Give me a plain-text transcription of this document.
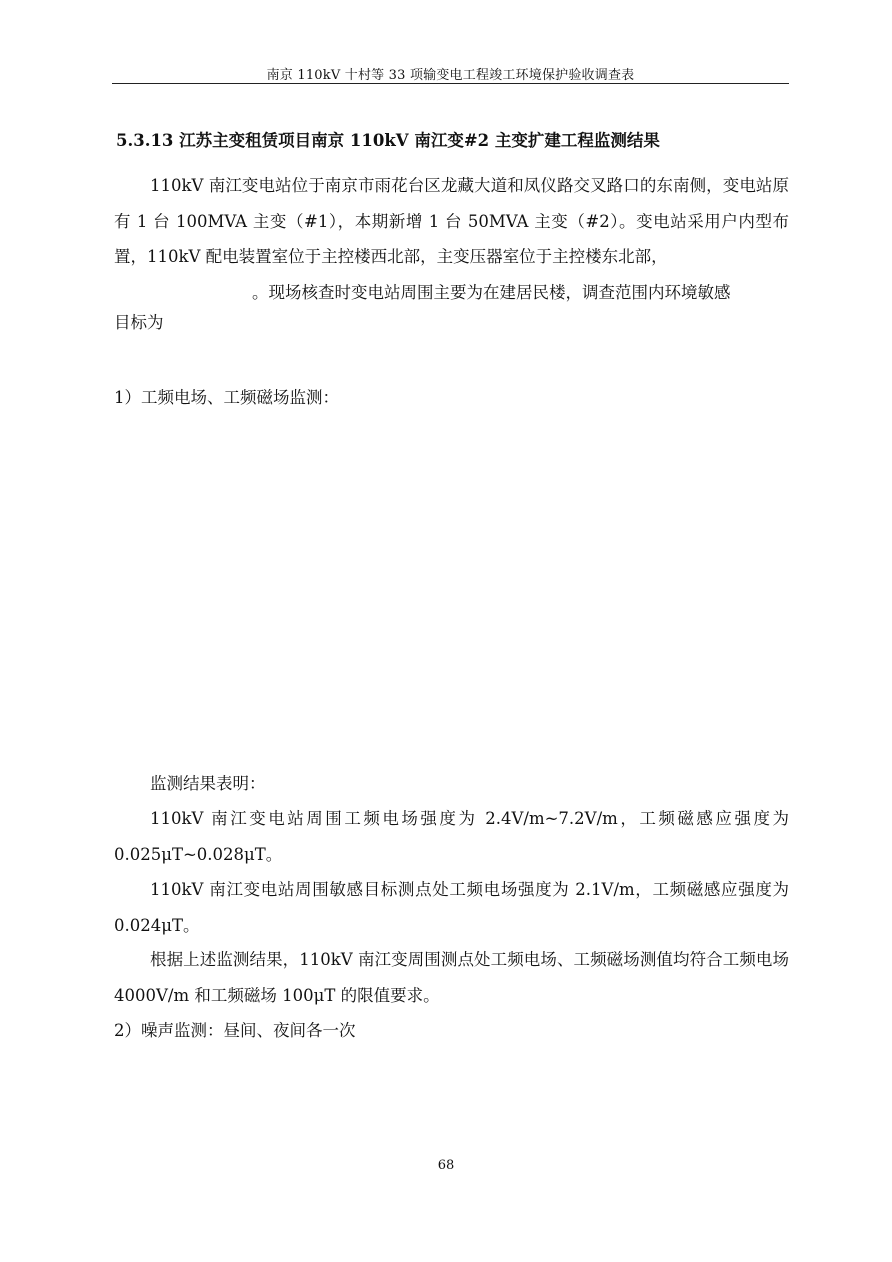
南京 110kV 十村等 33 项输变电工程竣工环境保护验收调查表
5.3.13 江苏主变租赁项目南京 110kV 南江变#2 主变扩建工程监测结果

110kV 南江变电站位于南京市雨花台区龙藏大道和凤仪路交叉路口的东南侧，变电站原有 1 台 100MVA 主变（#1），本期新增 1 台 50MVA 主变（#2）。变电站采用户内型布置，110kV 配电装置室位于主控楼西北部，主变压器室位于主控楼东北部，
。现场核查时变电站周围主要为在建居民楼，调查范围内环境敏感

目标为
1）工频电场、工频磁场监测：

监测结果表明：

110kV 南江变电站周围工频电场强度为 2.4V/m~7.2V/m，工频磁感应强度为 0.025μT~0.028μT。

110kV 南江变电站周围敏感目标测点处工频电场强度为 2.1V/m，工频磁感应强度为 0.024μT。

根据上述监测结果，110kV 南江变周围测点处工频电场、工频磁场测值均符合工频电场 4000V/m 和工频磁场 100μT 的限值要求。

2）噪声监测：昼间、夜间各一次
68
